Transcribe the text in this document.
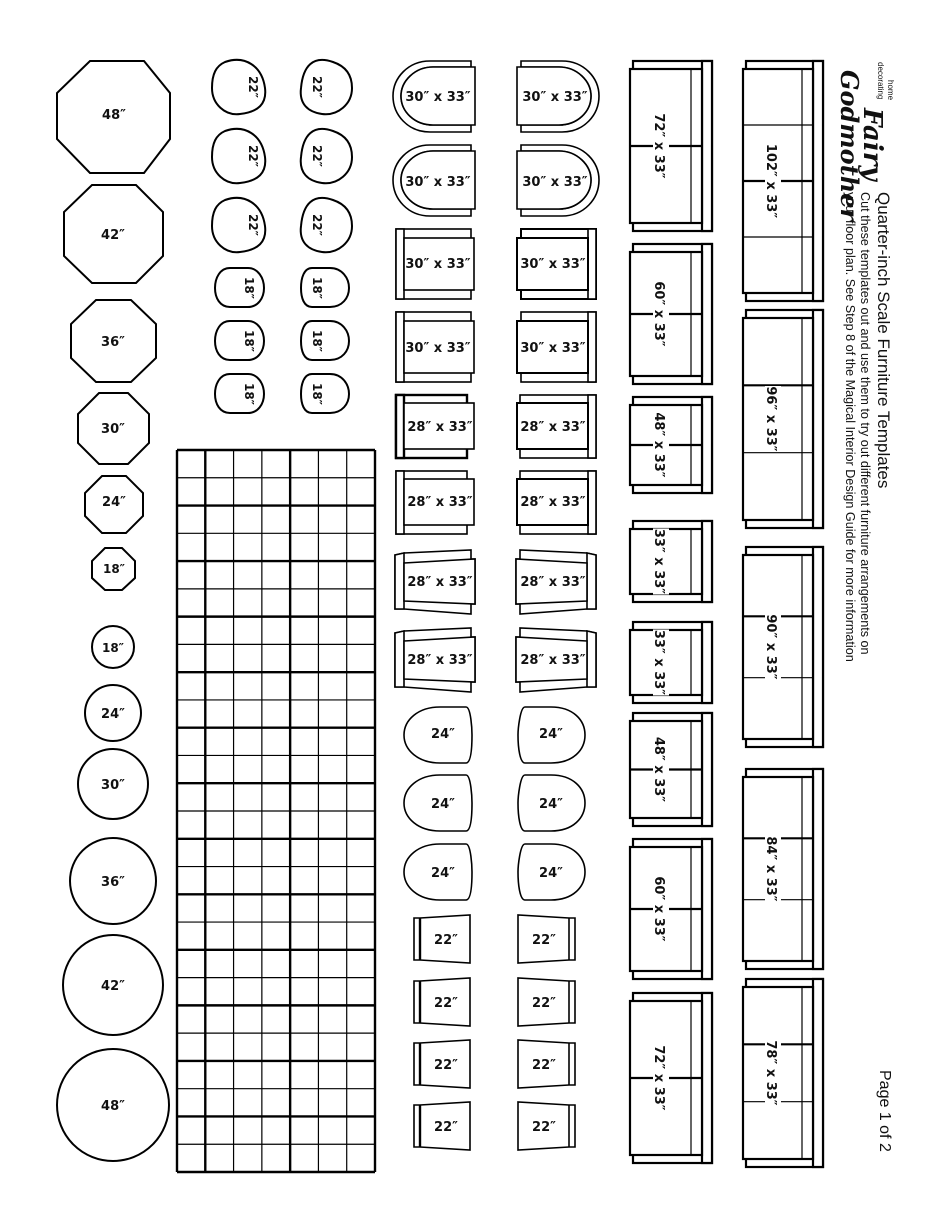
48″
42″
36″
30″
24″
18″
18″
24″
30″
36″
42″
48″
22″
22″
22″
18″
18″
18″
22″
22″
22″
18″
18″
18″
30″ x 33″
30″ x 33″
30″ x 33″
30″ x 33″
28″ x 33″
28″ x 33″
28″ x 33″
28″ x 33″
24″
24″
24″
22″
22″
22″
22″
30″ x 33″
30″ x 33″
30″ x 33″
30″ x 33″
28″ x 33″
28″ x 33″
28″ x 33″
28″ x 33″
24″
24″
24″
22″
22″
22″
22″
72″ x 33″
60″ x 33″
48″ x 33″
33″ x 33″
33″ x 33″
48″ x 33″
60″ x 33″
72″ x 33″
102″ x 33″
96″ x 33″
90″ x 33″
84″ x 33″
78″ x 33″
home
decorating
Fairy
Godmother
Quarter-inch Scale Furniture Templates
Cut these templates out and use them to try out different furniture arrangements on
your floor plan. See Step 8 of the Magical Interior Design Guide for more information
Page 1 of 2
